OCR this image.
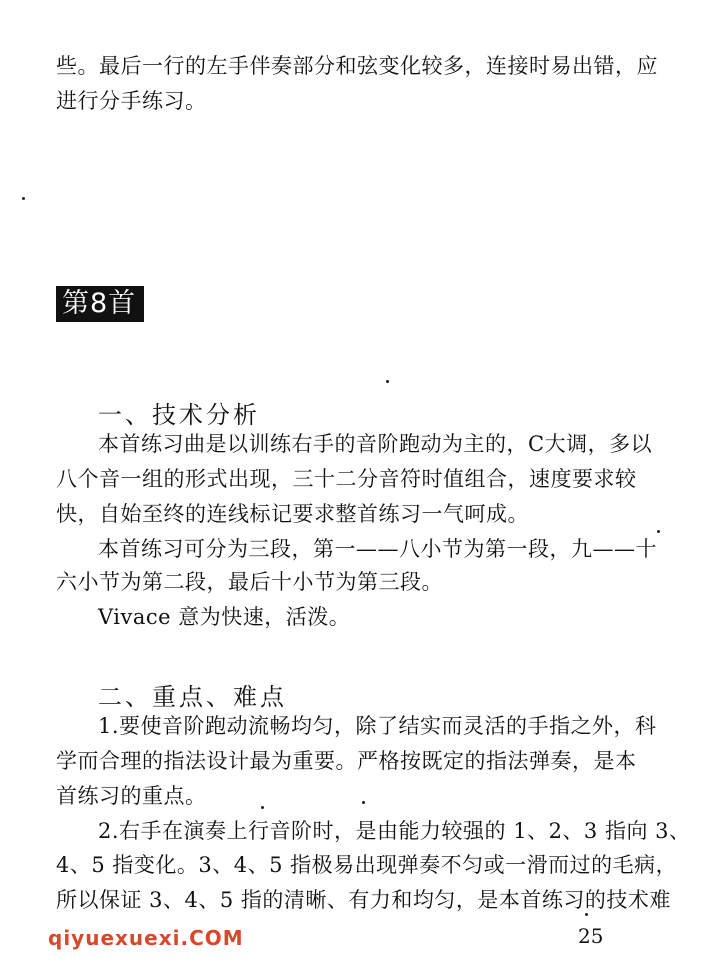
些。最后一行的左手伴奏部分和弦变化较多，连接时易出错，应
进行分手练习。
第8首
一、技术分析
本首练习曲是以训练右手的音阶跑动为主的，C大调，多以
八个音一组的形式出现，三十二分音符时值组合，速度要求较
快，自始至终的连线标记要求整首练习一气呵成。
本首练习可分为三段，第一——八小节为第一段，九——十
六小节为第二段，最后十小节为第三段。
Vivace 意为快速，活泼。
二、重点、难点
1.要使音阶跑动流畅均匀，除了结实而灵活的手指之外，科
学而合理的指法设计最为重要。严格按既定的指法弹奏，是本
首练习的重点。
2.右手在演奏上行音阶时，是由能力较强的 1、2、3 指向 3、
4、5 指变化。3、4、5 指极易出现弹奏不匀或一滑而过的毛病，
所以保证 3、4、5 指的清晰、有力和均匀，是本首练习的技术难
qiyuexuexi.COM	25
